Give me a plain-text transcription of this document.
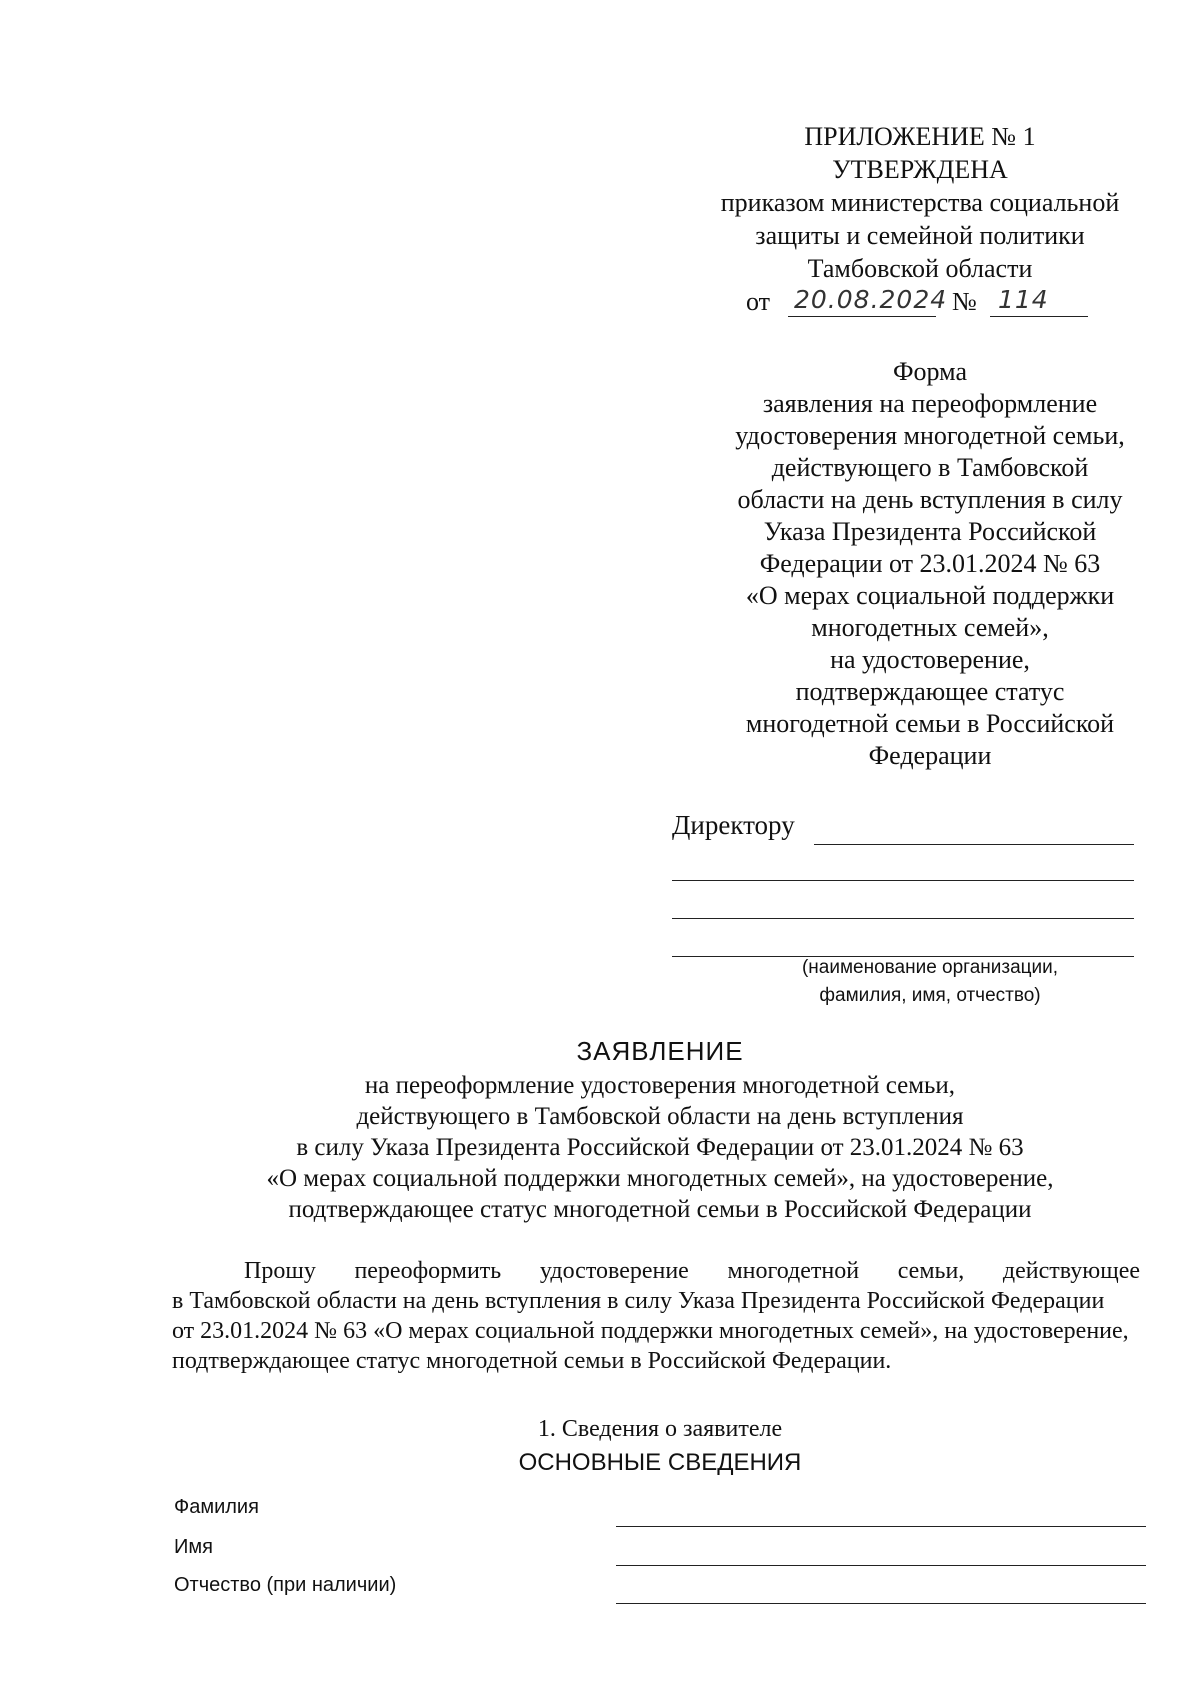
ПРИЛОЖЕНИЕ № 1
УТВЕРЖДЕНА
приказом министерства социальной
защиты и семейной политики
Тамбовской области
от 20.08.2024 № 114
Форма
заявления на переоформление
удостоверения многодетной семьи,
действующего в Тамбовской
области на день вступления в силу
Указа Президента Российской
Федерации от 23.01.2024 № 63
«О мерах социальной поддержки
многодетных семей»,
на удостоверение,
подтверждающее статус
многодетной семьи в Российской
Федерации
Директору
(наименование организации,
фамилия, имя, отчество)
ЗАЯВЛЕНИЕ
на переоформление удостоверения многодетной семьи,
действующего в Тамбовской области на день вступления
в силу Указа Президента Российской Федерации от 23.01.2024 № 63
«О мерах социальной поддержки многодетных семей», на удостоверение,
подтверждающее статус многодетной семьи в Российской Федерации
Прошу переоформить удостоверение многодетной семьи, действующее
в Тамбовской области на день вступления в силу Указа Президента Российской Федерации
от 23.01.2024 № 63 «О мерах социальной поддержки многодетных семей», на удостоверение,
подтверждающее статус многодетной семьи в Российской Федерации.
1. Сведения о заявителе
ОСНОВНЫЕ СВЕДЕНИЯ
Фамилия
Имя
Отчество (при наличии)
